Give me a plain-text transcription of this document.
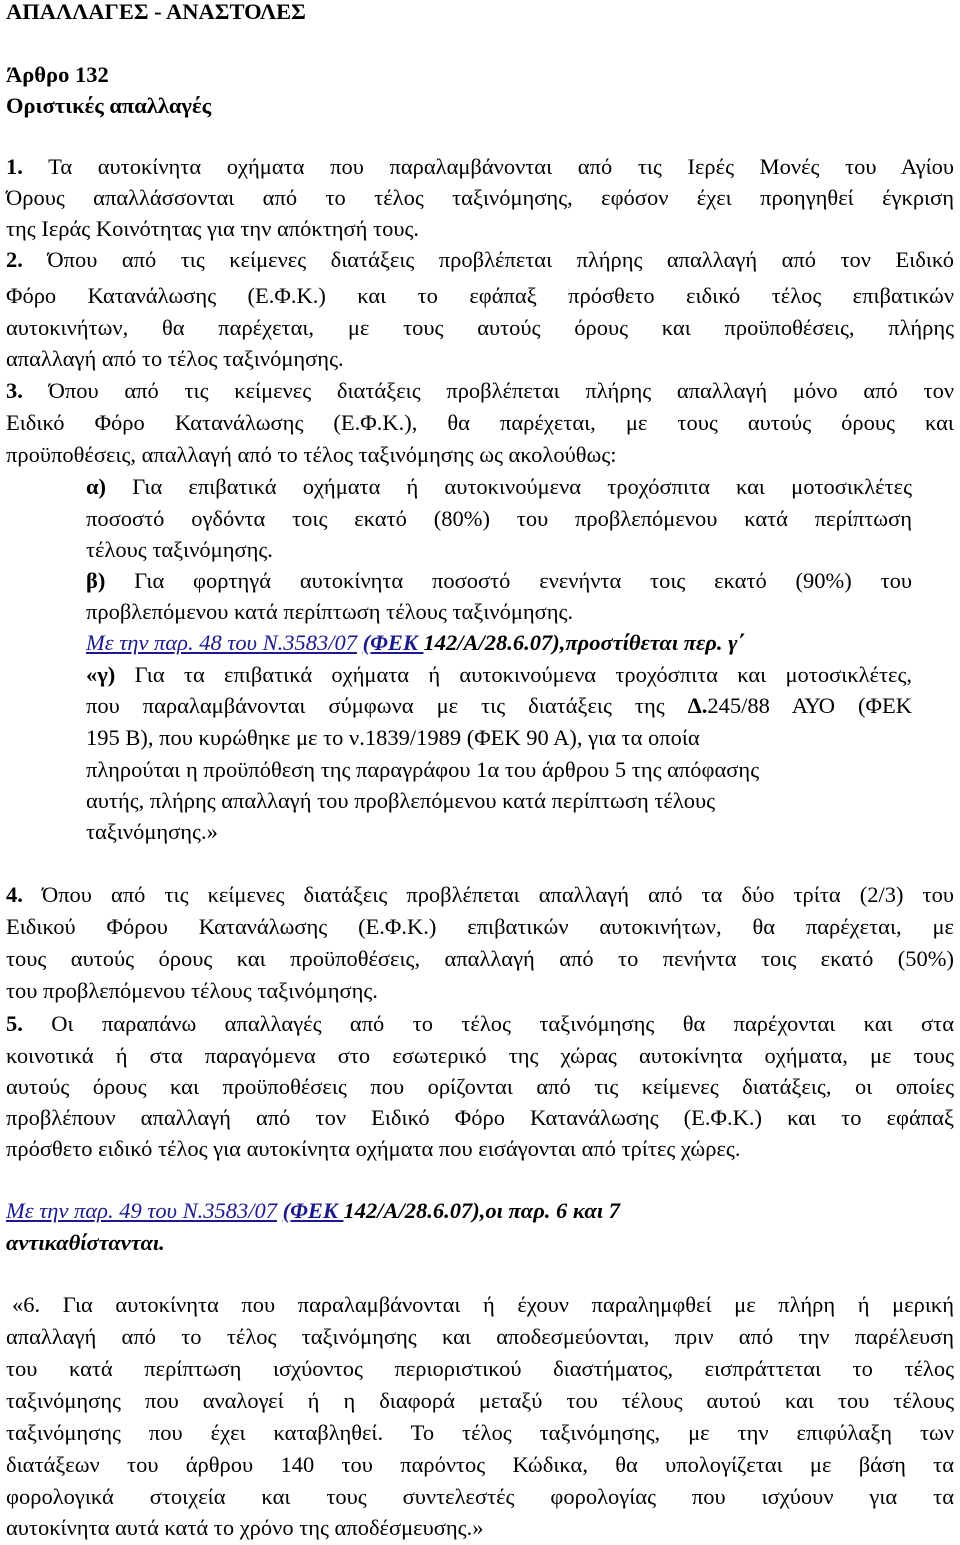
ΑΠΑΛΛΑΓΕΣ - ΑΝΑΣΤΟΛΕΣ
Άρθρο 132
Οριστικές απαλλαγές
1. Τα αυτοκίνητα οχήματα που παραλαμβάνονται από τις Ιερές Μονές του Αγίου
Όρους απαλλάσσονται από το τέλος ταξινόμησης, εφόσον έχει προηγηθεί έγκριση
της Ιεράς Κοινότητας για την απόκτησή τους.
2. Όπου από τις κείμενες διατάξεις προβλέπεται πλήρης απαλλαγή από τον Ειδικό
Φόρο Κατανάλωσης (Ε.Φ.Κ.) και το εφάπαξ πρόσθετο ειδικό τέλος επιβατικών
αυτοκινήτων, θα παρέχεται, με τους αυτούς όρους και προϋποθέσεις, πλήρης
απαλλαγή από το τέλος ταξινόμησης.
3. Όπου από τις κείμενες διατάξεις προβλέπεται πλήρης απαλλαγή μόνο από τον
Ειδικό Φόρο Κατανάλωσης (Ε.Φ.Κ.), θα παρέχεται, με τους αυτούς όρους και
προϋποθέσεις, απαλλαγή από το τέλος ταξινόμησης ως ακολούθως:
α) Για επιβατικά οχήματα ή αυτοκινούμενα τροχόσπιτα και μοτοσικλέτες
ποσοστό ογδόντα τοις εκατό (80%) του προβλεπόμενου κατά περίπτωση
τέλους ταξινόμησης.
β) Για φορτηγά αυτοκίνητα ποσοστό ενενήντα τοις εκατό (90%) του
προβλεπόμενου κατά περίπτωση τέλους ταξινόμησης.
Με την παρ. 48 του Ν.3583/07 (ΦΕΚ 142/Α/28.6.07),προστίθεται περ. γ΄
«γ) Για τα επιβατικά οχήματα ή αυτοκινούμενα τροχόσπιτα και μοτοσικλέτες,
που παραλαμβάνονται σύμφωνα με τις διατάξεις της Δ.245/88 ΑΥΟ (ΦΕΚ
195 Β), που κυρώθηκε με το ν.1839/1989 (ΦΕΚ 90 Α), για τα οποία
πληρούται η προϋπόθεση της παραγράφου 1α του άρθρου 5 της απόφασης
αυτής, πλήρης απαλλαγή του προβλεπόμενου κατά περίπτωση τέλους
ταξινόμησης.»
4. Όπου από τις κείμενες διατάξεις προβλέπεται απαλλαγή από τα δύο τρίτα (2/3) του
Ειδικού Φόρου Κατανάλωσης (Ε.Φ.Κ.) επιβατικών αυτοκινήτων, θα παρέχεται, με
τους αυτούς όρους και προϋποθέσεις, απαλλαγή από το πενήντα τοις εκατό (50%)
του προβλεπόμενου τέλους ταξινόμησης.
5. Οι παραπάνω απαλλαγές από το τέλος ταξινόμησης θα παρέχονται και στα
κοινοτικά ή στα παραγόμενα στο εσωτερικό της χώρας αυτοκίνητα οχήματα, με τους
αυτούς όρους και προϋποθέσεις που ορίζονται από τις κείμενες διατάξεις, οι οποίες
προβλέπουν απαλλαγή από τον Ειδικό Φόρο Κατανάλωσης (Ε.Φ.Κ.) και το εφάπαξ
πρόσθετο ειδικό τέλος για αυτοκίνητα οχήματα που εισάγονται από τρίτες χώρες.
Με την παρ. 49 του Ν.3583/07 (ΦΕΚ 142/Α/28.6.07),οι παρ. 6 και 7
αντικαθίστανται.
«6. Για αυτοκίνητα που παραλαμβάνονται ή έχουν παραλημφθεί με πλήρη ή μερική
απαλλαγή από το τέλος ταξινόμησης και αποδεσμεύονται, πριν από την παρέλευση
του κατά περίπτωση ισχύοντος περιοριστικού διαστήματος, εισπράττεται το τέλος
ταξινόμησης που αναλογεί ή η διαφορά μεταξύ του τέλους αυτού και του τέλους
ταξινόμησης που έχει καταβληθεί. Το τέλος ταξινόμησης, με την επιφύλαξη των
διατάξεων του άρθρου 140 του παρόντος Κώδικα, θα υπολογίζεται με βάση τα
φορολογικά στοιχεία και τους συντελεστές φορολογίας που ισχύουν για τα
αυτοκίνητα αυτά κατά το χρόνο της αποδέσμευσης.»
